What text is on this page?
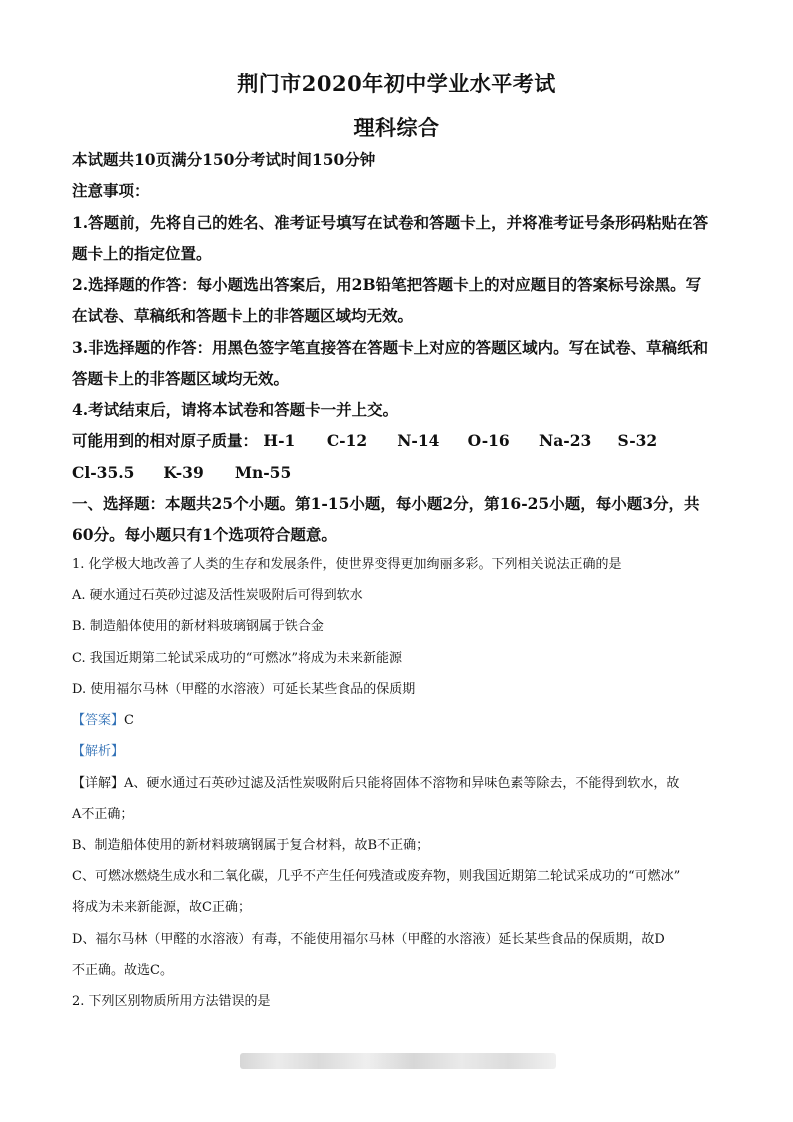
荆门市2020年初中学业水平考试
理科综合
本试题共10页满分150分考试时间150分钟
注意事项：
1.答题前，先将自己的姓名、准考证号填写在试卷和答题卡上，并将准考证号条形码粘贴在答
题卡上的指定位置。
2.选择题的作答：每小题选出答案后，用2B铅笔把答题卡上的对应题目的答案标号涂黑。写
在试卷、草稿纸和答题卡上的非答题区域均无效。
3.非选择题的作答：用黑色签字笔直接答在答题卡上对应的答题区域内。写在试卷、草稿纸和
答题卡上的非答题区域均无效。
4.考试结束后，请将本试卷和答题卡一并上交。
可能用到的相对原子质量： H-1 C-12 N-14 O-16 Na-23 S-32
Cl-35.5 K-39 Mn-55
一、选择题：本题共25个小题。第1-15小题，每小题2分，第16-25小题，每小题3分，共
60分。每小题只有1个选项符合题意。
1. 化学极大地改善了人类的生存和发展条件，使世界变得更加绚丽多彩。下列相关说法正确的是
A. 硬水通过石英砂过滤及活性炭吸附后可得到软水
B. 制造船体使用的新材料玻璃钢属于铁合金
C. 我国近期第二轮试采成功的“可燃冰”将成为未来新能源
D. 使用福尔马林（甲醛的水溶液）可延长某些食品的保质期
【答案】C
【解析】
【详解】A、硬水通过石英砂过滤及活性炭吸附后只能将固体不溶物和异味色素等除去，不能得到软水，故
A不正确；
B、制造船体使用的新材料玻璃钢属于复合材料，故B不正确；
C、可燃冰燃烧生成水和二氧化碳，几乎不产生任何残渣或废弃物，则我国近期第二轮试采成功的“可燃冰”
将成为未来新能源，故C正确；
D、福尔马林（甲醛的水溶液）有毒，不能使用福尔马林（甲醛的水溶液）延长某些食品的保质期，故D
不正确。故选C。
2. 下列区别物质所用方法错误的是
